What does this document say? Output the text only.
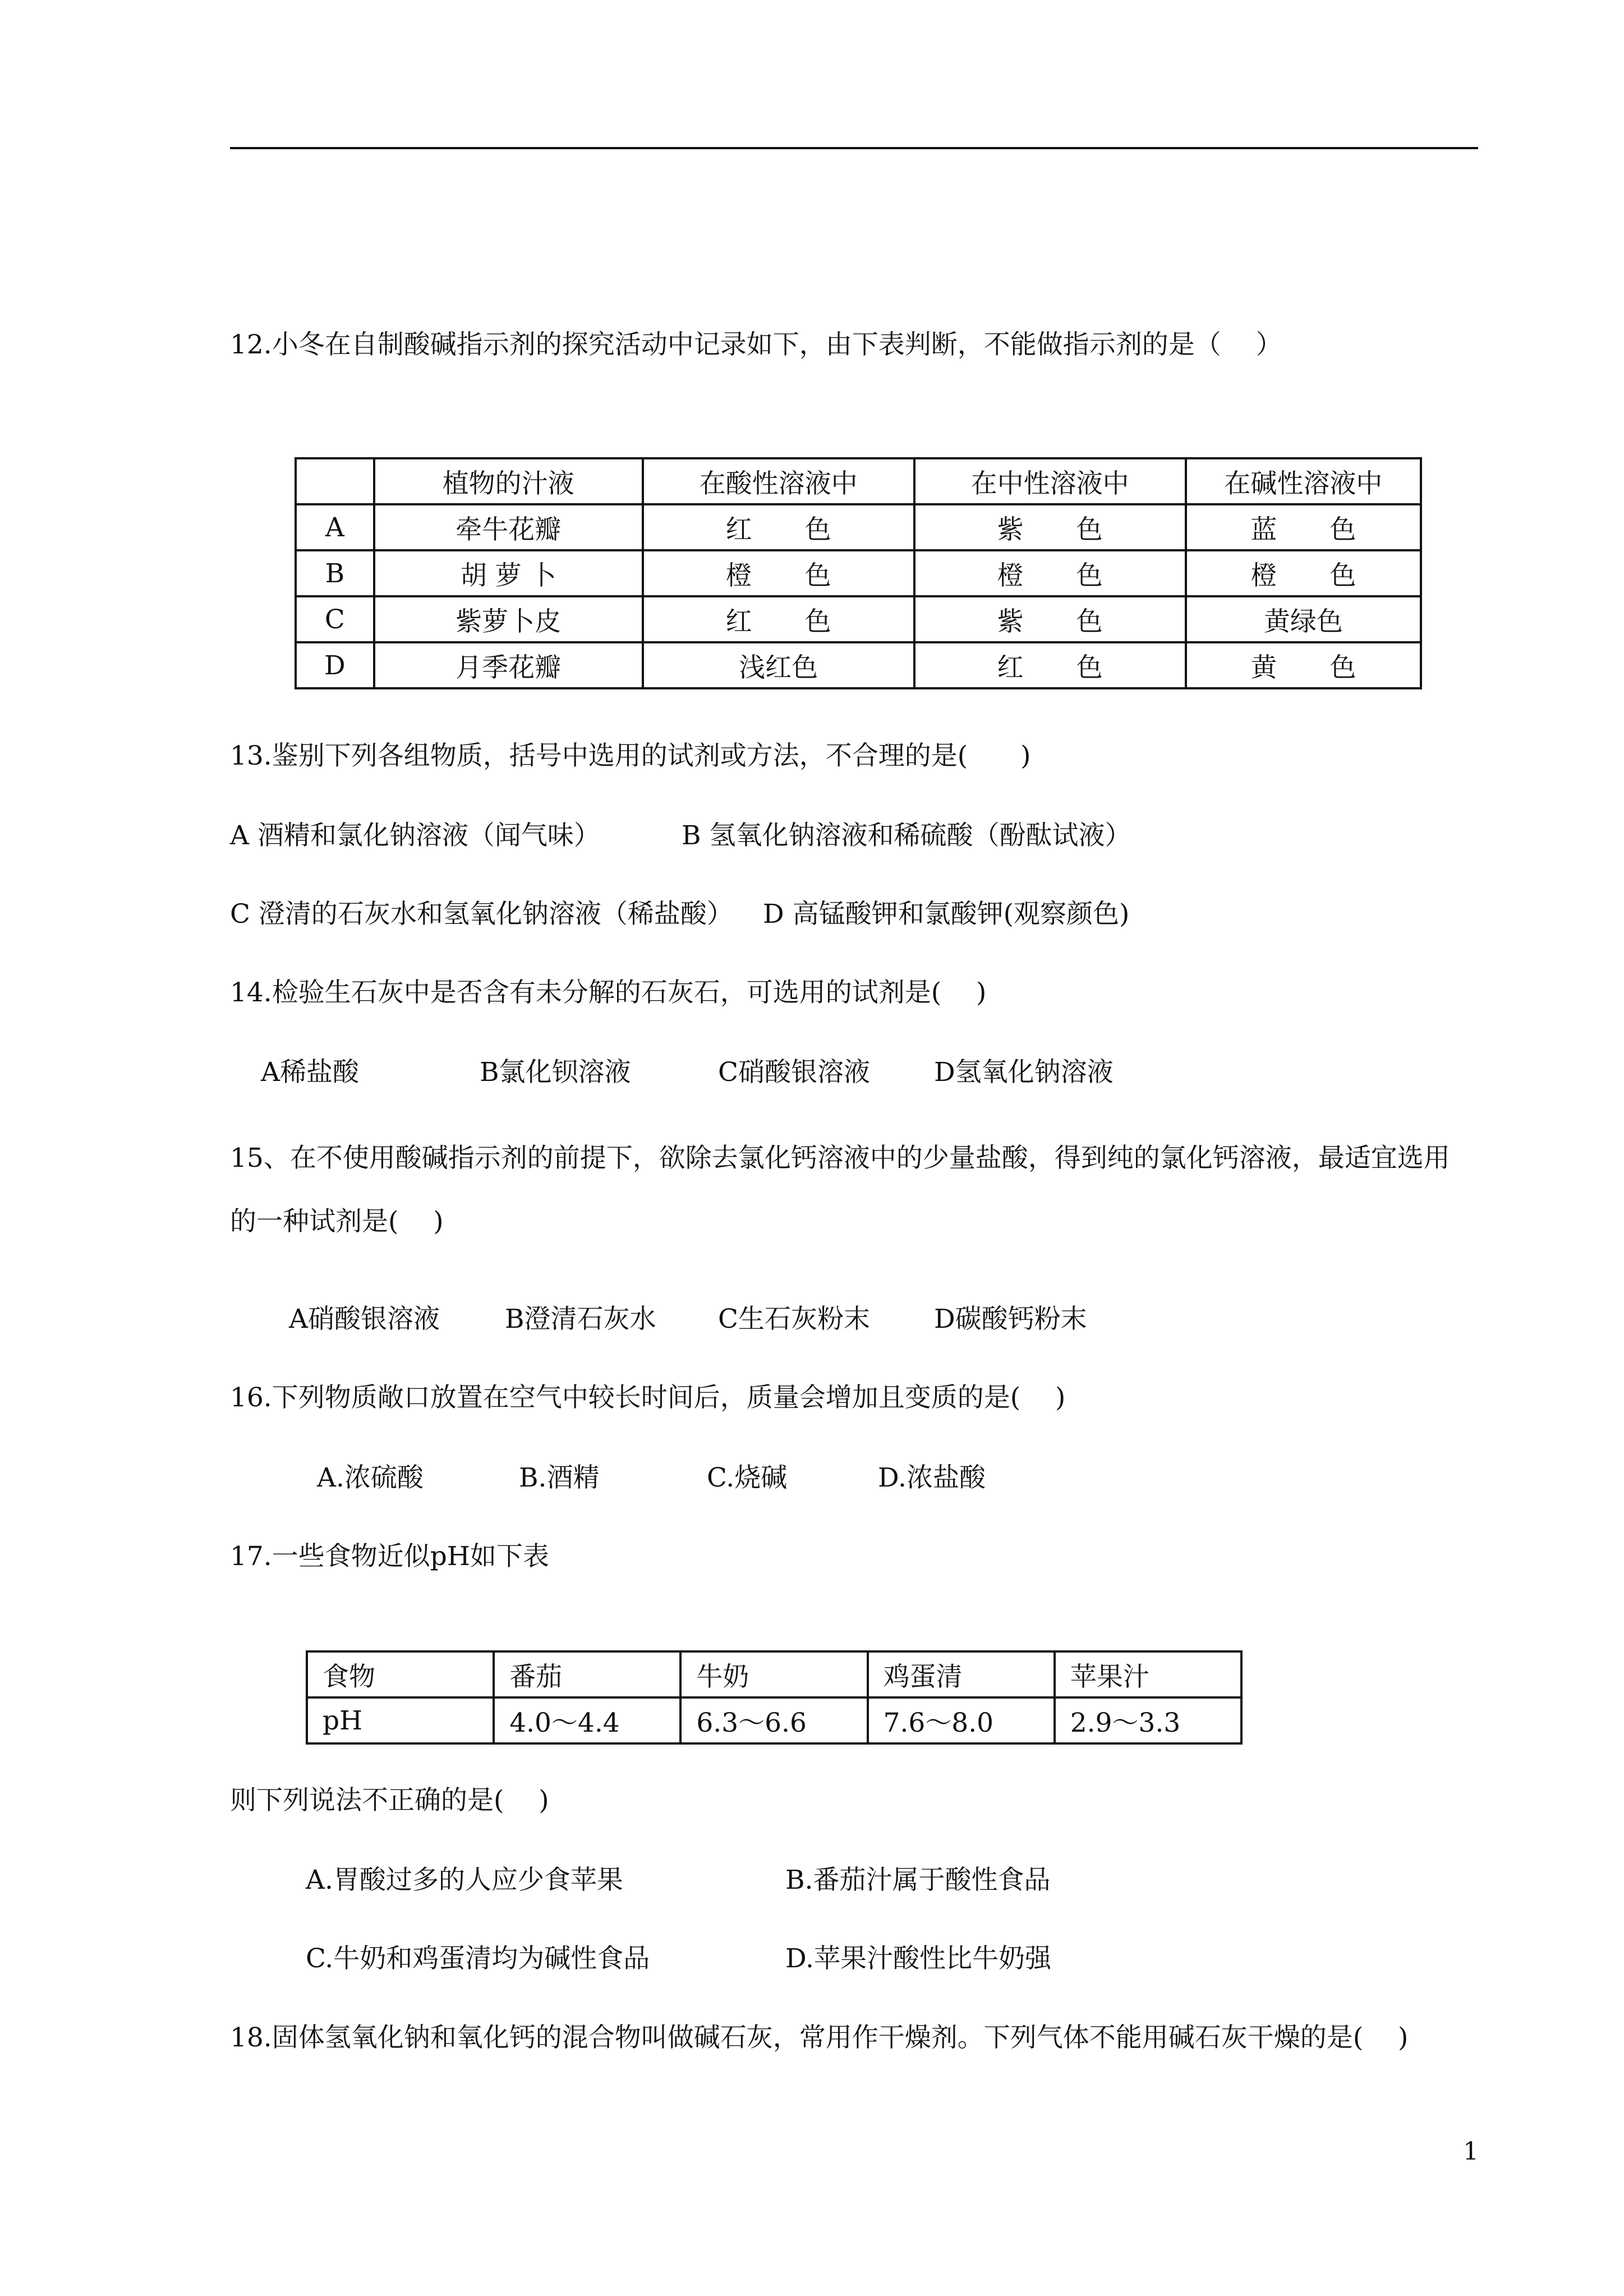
12.小冬在自制酸碱指示剂的探究活动中记录如下，由下表判断，不能做指示剂的是（　 ）
	植物的汁液	在酸性溶液中	在中性溶液中	在碱性溶液中
A	牵牛花瓣	红　　色	紫　　色	蓝　　色
B	胡 萝 卜	橙　　色	橙　　色	橙　　色
C	紫萝卜皮	红　　色	紫　　色	黄绿色
D	月季花瓣	浅红色	红　　色	黄　　色
13.鉴别下列各组物质，括号中选用的试剂或方法，不合理的是(　　)
A 酒精和氯化钠溶液（闻气味）	B 氢氧化钠溶液和稀硫酸（酚酞试液）
C 澄清的石灰水和氢氧化钠溶液（稀盐酸） D 高锰酸钾和氯酸钾(观察颜色)
14.检验生石灰中是否含有未分解的石灰石，可选用的试剂是(　 )
A稀盐酸	B氯化钡溶液	C硝酸银溶液 D氢氧化钠溶液
15、在不使用酸碱指示剂的前提下，欲除去氯化钙溶液中的少量盐酸，得到纯的氯化钙溶液，最适宜选用
的一种试剂是(　 )
A硝酸银溶液 B澄清石灰水 C生石灰粉末 D碳酸钙粉末
16.下列物质敞口放置在空气中较长时间后，质量会增加且变质的是(　 )
A.浓硫酸	B.酒精	C.烧碱	D.浓盐酸
17.一些食物近似pH如下表
食物	番茄	牛奶	鸡蛋清	苹果汁
pH	4.0～4.4	6.3～6.6	7.6～8.0	2.9～3.3
则下列说法不正确的是(　 )
A.胃酸过多的人应少食苹果	B.番茄汁属于酸性食品
C.牛奶和鸡蛋清均为碱性食品	D.苹果汁酸性比牛奶强
18.固体氢氧化钠和氧化钙的混合物叫做碱石灰，常用作干燥剂。下列气体不能用碱石灰干燥的是(　 )
1
